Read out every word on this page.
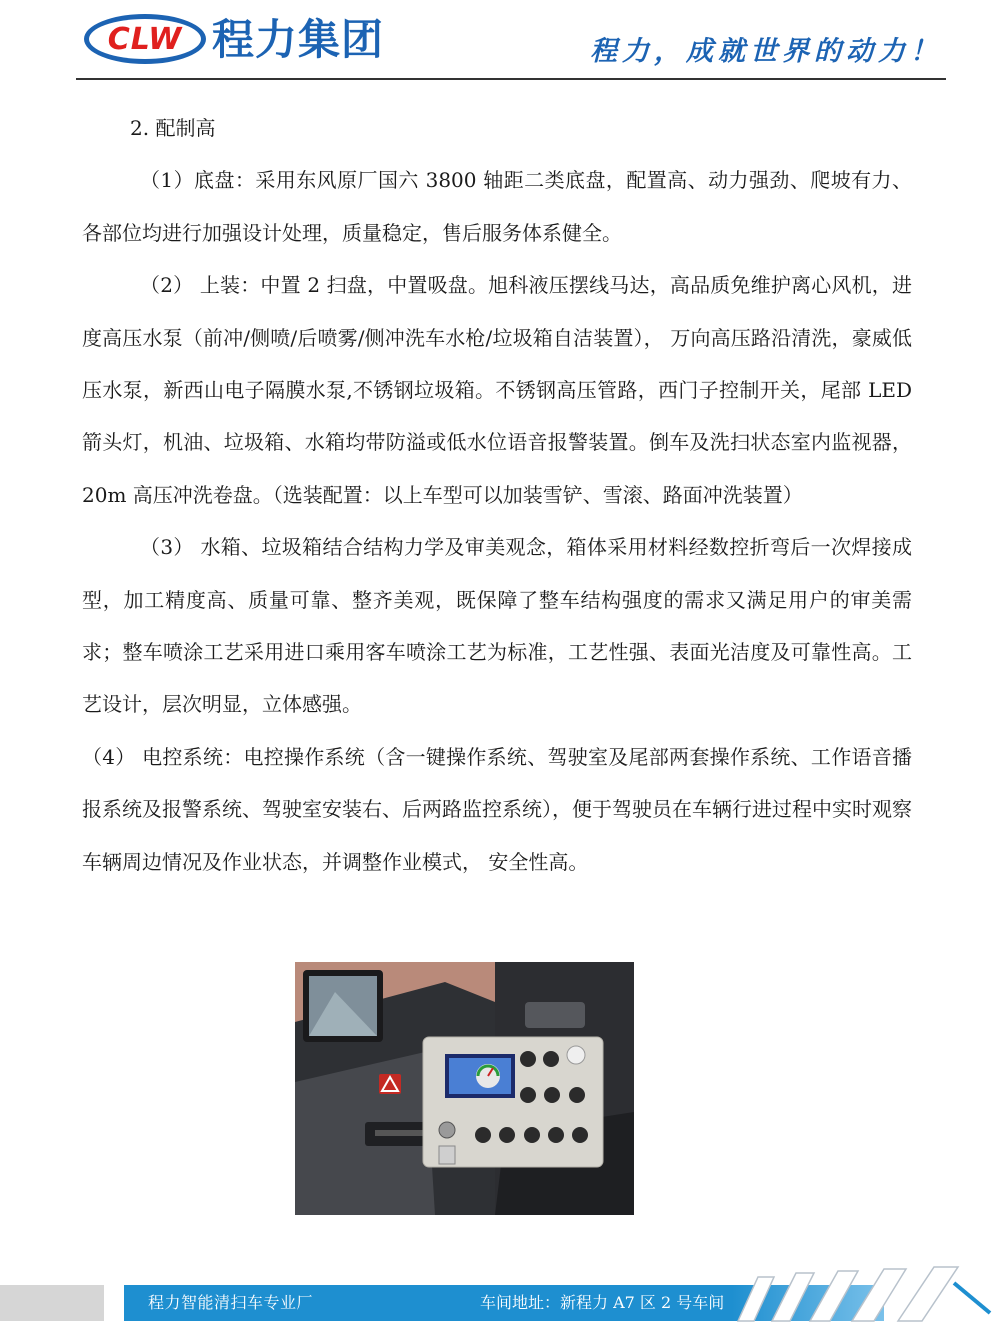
CLW 程力集团	程力，成就世界的动力！

2. 配制高

（1）底盘：采用东风原厂国六 3800 轴距二类底盘，配置高、动力强劲、爬坡有力、各部位均进行加强设计处理，质量稳定，售后服务体系健全。

（2） 上装：中置 2 扫盘，中置吸盘。旭科液压摆线马达，高品质免维护离心风机，进度高压水泵（前冲/侧喷/后喷雾/侧冲洗车水枪/垃圾箱自洁装置）， 万向高压路沿清洗，豪威低压水泵，新西山电子隔膜水泵,不锈钢垃圾箱。不锈钢高压管路，西门子控制开关，尾部 LED 箭头灯，机油、垃圾箱、水箱均带防溢或低水位语音报警装置。倒车及洗扫状态室内监视器，20m 高压冲洗卷盘。（选装配置：以上车型可以加装雪铲、雪滚、路面冲洗装置）

（3） 水箱、垃圾箱结合结构力学及审美观念，箱体采用材料经数控折弯后一次焊接成型，加工精度高、质量可靠、整齐美观，既保障了整车结构强度的需求又满足用户的审美需求；整车喷涂工艺采用进口乘用客车喷涂工艺为标准，工艺性强、表面光洁度及可靠性高。工艺设计，层次明显，立体感强。

（4） 电控系统：电控操作系统（含一键操作系统、驾驶室及尾部两套操作系统、工作语音播报系统及报警系统、驾驶室安装右、后两路监控系统），便于驾驶员在车辆行进过程中实时观察车辆周边情况及作业状态，并调整作业模式， 安全性高。

程力智能清扫车专业厂	车间地址：新程力 A7 区 2 号车间
